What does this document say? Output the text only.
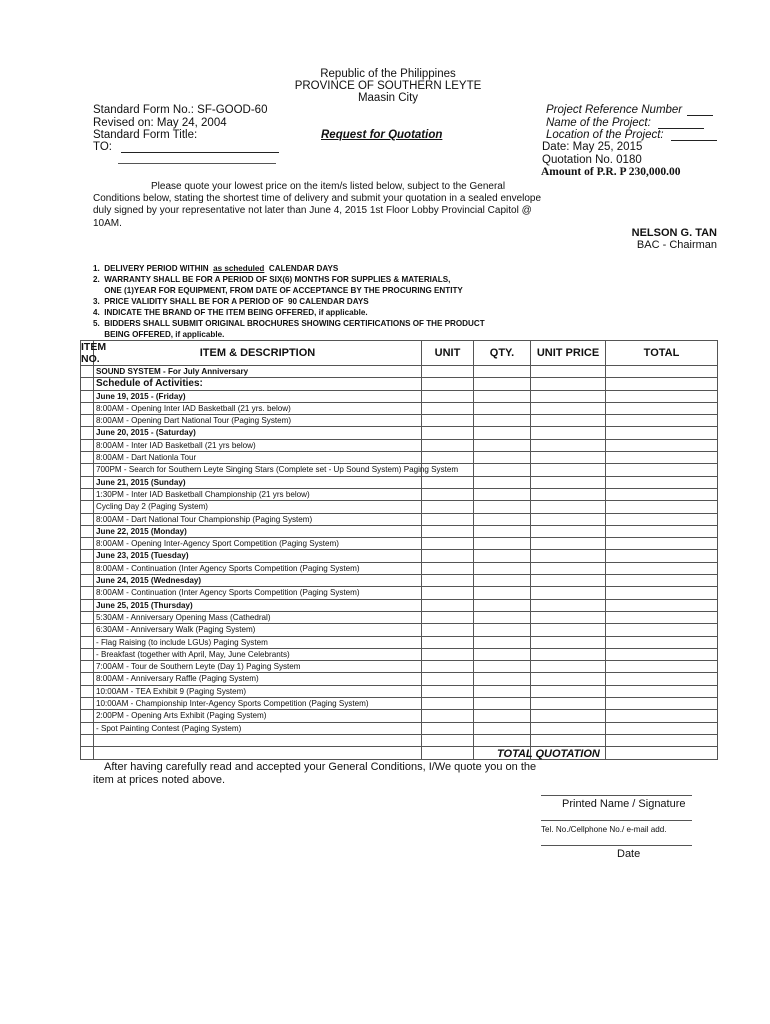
Republic of the Philippines
PROVINCE OF SOUTHERN LEYTE
Maasin City
Standard Form No.: SF-GOOD-60
Revised on: May 24, 2004
Standard Form Title:
TO:
Request for Quotation
Project Reference Number
Name of the Project:
Location of the Project:
Date: May 25, 2015
Quotation No. 0180
Amount of P.R. P 230,000.00
Please quote your lowest price on the item/s listed below, subject to the General Conditions below, stating the shortest time of delivery and submit your quotation in a sealed envelope duly signed by your representative not later than June 4, 2015 1st Floor Lobby Provincial Capitol @ 10AM.
NELSON G. TAN
BAC - Chairman
1.  DELIVERY PERIOD WITHIN  as scheduled  CALENDAR DAYS
2.  WARRANTY SHALL BE FOR A PERIOD OF SIX(6) MONTHS FOR SUPPLIES & MATERIALS,
ONE (1)YEAR FOR EQUIPMENT, FROM DATE OF ACCEPTANCE BY THE PROCURING ENTITY
3.  PRICE VALIDITY SHALL BE FOR A PERIOD OF  90 CALENDAR DAYS
4.  INDICATE THE BRAND OF THE ITEM BEING OFFERED, if applicable.
5.  BIDDERS SHALL SUBMIT ORIGINAL BROCHURES SHOWING CERTIFICATIONS OF THE PRODUCT
BEING OFFERED, if applicable.
ITEM NO.	ITEM & DESCRIPTION	UNIT	QTY.	UNIT PRICE	TOTAL
	SOUND SYSTEM - For July Anniversary				
	Schedule of Activities:				
	June 19, 2015 - (Friday)				
	8:00AM - Opening Inter IAD Basketball (21 yrs. below)				
	8:00AM - Opening Dart National Tour (Paging System)				
	June 20, 2015 - (Saturday)				
	8:00AM - Inter IAD Basketball (21 yrs below)				
	8:00AM - Dart Nationla Tour				
	700PM - Search for Southern Leyte Singing Stars (Complete set - Up Sound System) Paging System				
	June 21, 2015 (Sunday)				
	1:30PM - Inter IAD Basketball Championship (21 yrs below)				
	Cycling Day 2 (Paging System)				
	8:00AM - Dart National Tour Championship (Paging System)				
	June 22, 2015 (Monday)				
	8:00AM - Opening Inter-Agency Sport Competition (Paging System)				
	June 23, 2015 (Tuesday)				
	8:00AM - Continuation (Inter Agency Sports Competition (Paging System)				
	June 24, 2015 (Wednesday)				
	8:00AM - Continuation (Inter Agency Sports Competition (Paging System)				
	June 25, 2015 (Thursday)				
	5:30AM - Anniversary Opening Mass (Cathedral)				
	6:30AM - Anniversary Walk (Paging System)				
	- Flag Raising (to include LGUs) Paging System				
	- Breakfast (together with April, May, June Celebrants)				
	7:00AM - Tour de Southern Leyte (Day 1) Paging System				
	8:00AM - Anniversary Raffle (Paging System)				
	10:00AM - TEA Exhibit 9 (Paging System)				
	10:00AM - Championship Inter-Agency Sports Competition (Paging System)				
	2:00PM - Opening Arts Exhibit (Paging System)				
	- Spot Painting Contest (Paging System)				

TOTAL QUOTATION
After having carefully read and accepted your General Conditions, I/We quote you on the
item at prices noted above.
Printed Name / Signature
Tel. No./Cellphone No./ e-mail add.
Date
